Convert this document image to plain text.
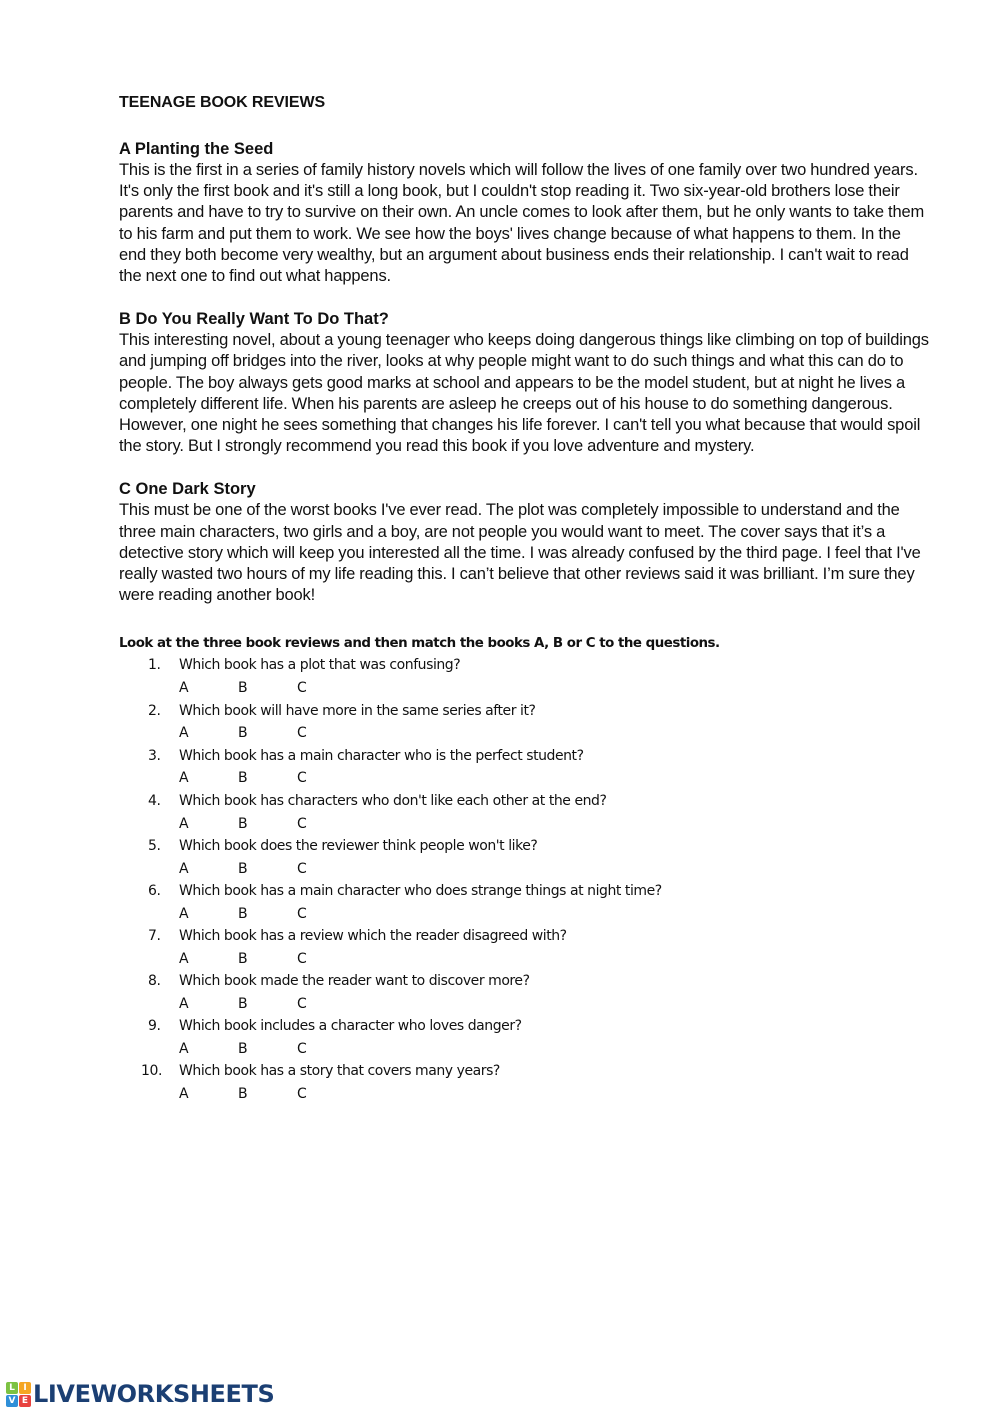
TEENAGE BOOK REVIEWS
A Planting the Seed

This is the first in a series of family history novels which will follow the lives of one family over two hundred years. It's only the first book and it's still a long book, but I couldn't stop reading it. Two six-year-old brothers lose their parents and have to try to survive on their own. An uncle comes to look after them, but he only wants to take them to his farm and put them to work. We see how the boys' lives change because of what happens to them. In the end they both become very wealthy, but an argument about business ends their relationship. I can't wait to read the next one to find out what happens.

B Do You Really Want To Do That?

This interesting novel, about a young teenager who keeps doing dangerous things like climbing on top of buildings and jumping off bridges into the river, looks at why people might want to do such things and what this can do to people. The boy always gets good marks at school and appears to be the model student, but at night he lives a completely different life. When his parents are asleep he creeps out of his house to do something dangerous. However, one night he sees something that changes his life forever. I can't tell you what because that would spoil the story. But I strongly recommend you read this book if you love adventure and mystery.

C One Dark Story

This must be one of the worst books I've ever read. The plot was completely impossible to understand and the three main characters, two girls and a boy, are not people you would want to meet. The cover says that it’s a detective story which will keep you interested all the time. I was already confused by the third page. I feel that I've really wasted two hours of my life reading this. I can’t believe that other reviews said it was brilliant. I’m sure they were reading another book!

Look at the three book reviews and then match the books A, B or C to the questions.

1. Which book has a plot that was confusing?
A	B	C
2. Which book will have more in the same series after it?
A	B	C
3. Which book has a main character who is the perfect student?
A	B	C
4. Which book has characters who don't like each other at the end?
A	B	C
5. Which book does the reviewer think people won't like?
A	B	C
6. Which book has a main character who does strange things at night time?
A	B	C
7. Which book has a review which the reader disagreed with?
A	B	C
8. Which book made the reader want to discover more?
A	B	C
9. Which book includes a character who loves danger?
A	B	C
10. Which book has a story that covers many years?
A	B	C
L I
V E LIVEWORKSHEETS
